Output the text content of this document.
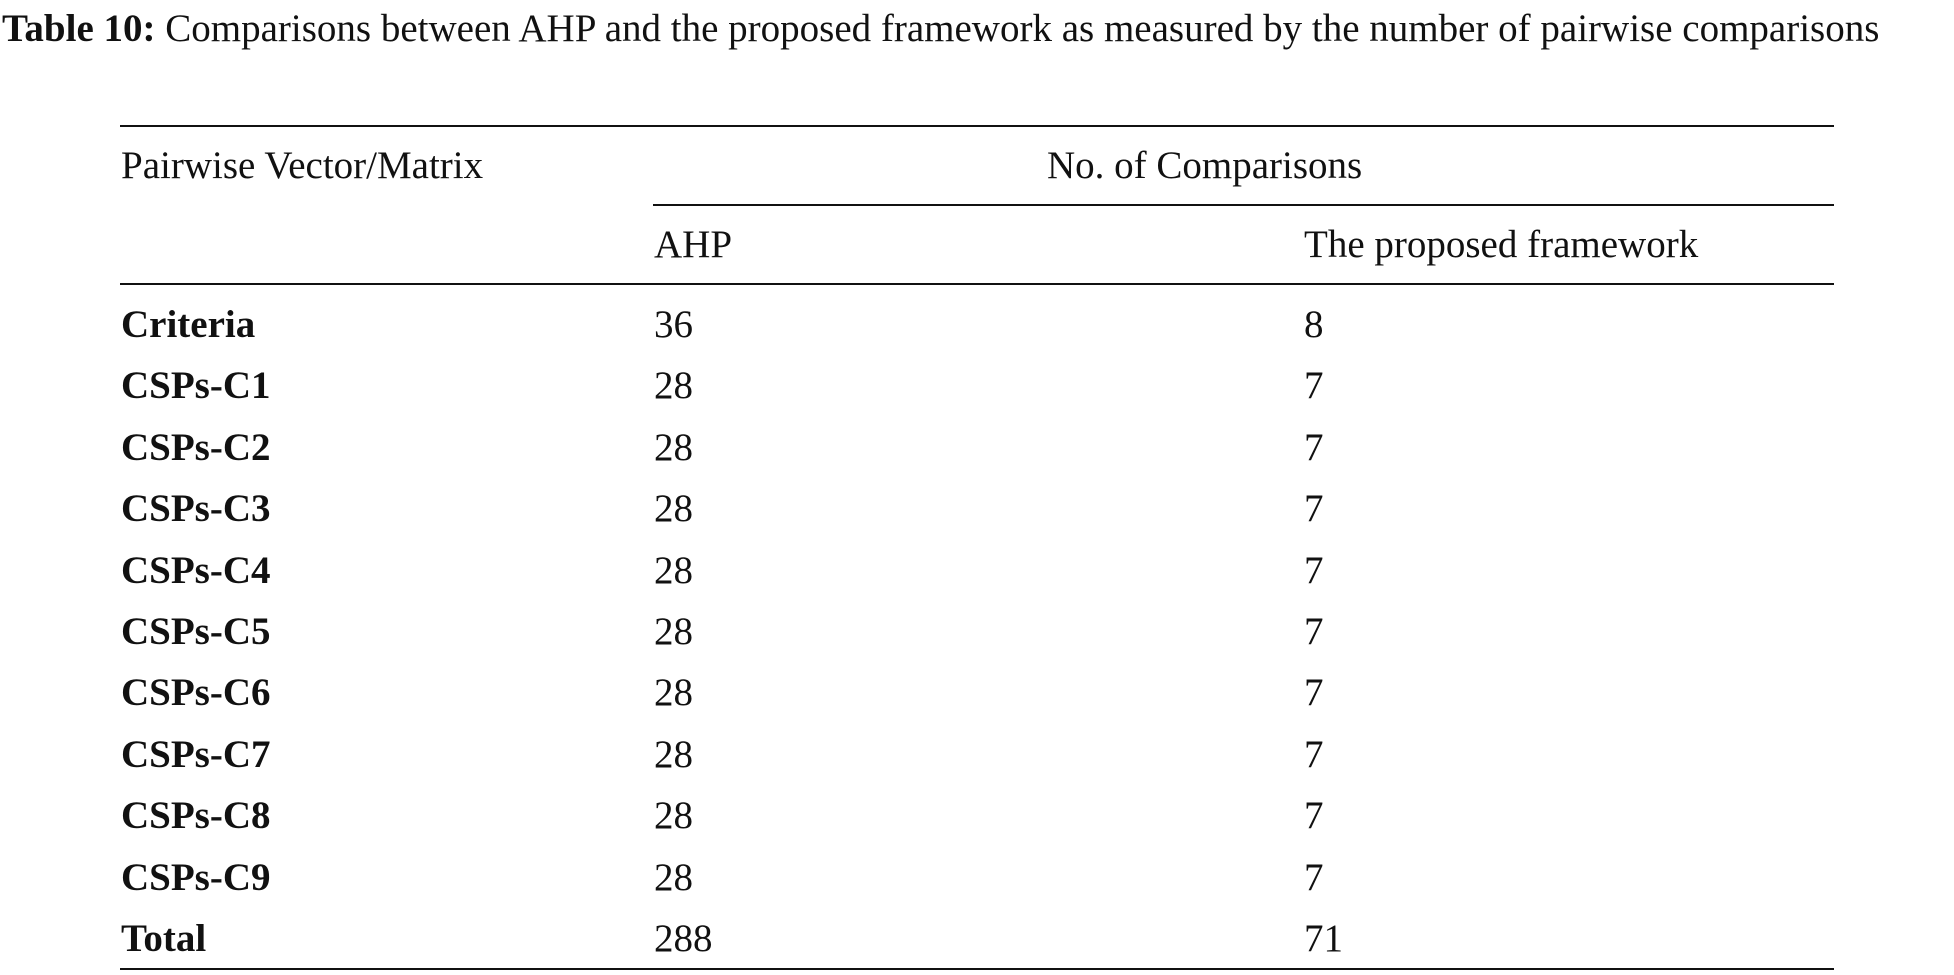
Table 10: Comparisons between AHP and the proposed framework as measured by the number of pairwise comparisons
Pairwise Vector/Matrix	No. of Comparisons
AHP	The proposed framework
Criteria	36	8
CSPs-C1	28	7
CSPs-C2	28	7
CSPs-C3	28	7
CSPs-C4	28	7
CSPs-C5	28	7
CSPs-C6	28	7
CSPs-C7	28	7
CSPs-C8	28	7
CSPs-C9	28	7
Total	288	71
